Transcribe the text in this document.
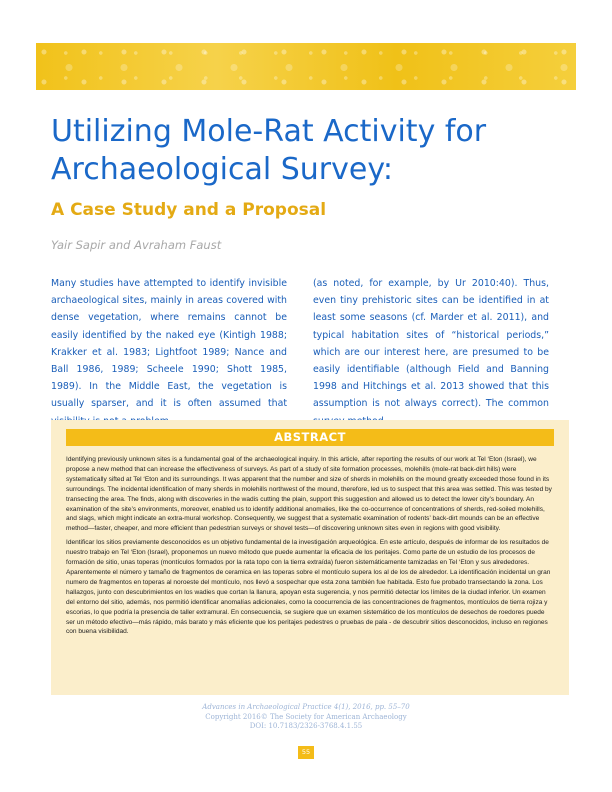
Utilizing Mole-Rat Activity for Archaeological Survey:
A Case Study and a Proposal
Yair Sapir and Avraham Faust
Many studies have attempted to identify invisible archaeological sites, mainly in areas covered with dense vegetation, where remains cannot be easily identified by the naked eye (Kintigh 1988; Krakker et al. 1983; Lightfoot 1989; Nance and Ball 1986, 1989; Scheele 1990; Shott 1985, 1989). In the Middle East, the vegetation is usually sparser, and it is often assumed that
(as noted, for example, by Ur 2010:40). Thus, even tiny prehistoric sites can be identified in at least some seasons (cf. Marder et al. 2011), and typical habitation sites of “historical periods,” which are our interest here, are presumed to be easily identifiable (although Field and Banning 1998 and Hitchings et al. 2013 showed that this assumption is not always correct). The common
ABSTRACT

Identifying previously unknown sites is a fundamental goal of the archaeological inquiry. In this article, after reporting the results of our work at Tel ‘Eton (Israel), we propose a new method that can increase the effectiveness of surveys. As part of a study of site formation processes, molehills (mole-rat back-dirt hills) were systematically sifted at Tel ‘Eton and its surroundings. It was apparent that the number and size of sherds in molehills on the mound greatly exceeded those found in its surroundings. The incidental identification of many sherds in molehills northwest of the mound, therefore, led us to suspect that this area was settled. This was tested by transecting the area. The finds, along with discoveries in the wadis cutting the plain, support this suggestion and allowed us to detect the lower city’s boundary. An examination of the site’s environments, moreover, enabled us to identify additional anomalies, like the co-occurrence of concentrations of sherds, red-soiled molehills, and slags, which might indicate an extra-mural workshop. Consequently, we suggest that a systematic examination of rodents’ back-dirt mounds can be an effective method—faster, cheaper, and more efficient than pedestrian surveys or shovel tests—of discovering unknown sites even in regions with good visibility.

Identificar los sitios previamente desconocidos es un objetivo fundamental de la investigación arqueológica. En este artículo, después de informar de los resultados de nuestro trabajo en Tel ‘Eton (Israel), proponemos un nuevo método que puede aumentar la eficacia de los peritajes. Como parte de un estudio de los procesos de formación de sitio, unas toperas (montículos formados por la rata topo con la tierra extraída) fueron sistemáticamente tamizadas en Tel ‘Eton y sus alrededores. Aparentemente el número y tamaño de fragmentos de ceramica en las toperas sobre el montículo supera los al de los de alrededor. La identificación incidental un gran numero de fragmentos en toperas al noroeste del montículo, nos llevó a sospechar que esta zona también fue habitada. Esto fue probado transectando la zona. Los hallazgos, junto con descubrimientos en los wadies que cortan la llanura, apoyan esta sugerencia, y nos permitió detectar los límites de la ciudad inferior. Un examen del entorno del sitio, además, nos permitió identificar anomalías adicionales, como la coocurrencia de las concentraciones de fragmentos, montículos de tierra rojiza y escorias, lo que podría la presencia de taller extramural. En consecuencia, se sugiere que un examen sistemático de los montículos de desechos de roedores puede ser un método efectivo—más rápido, más barato y más eficiente que los peritajes pedestres o pruebas de pala - de descubrir sitios desconocidos, incluso en regiones con buena visibilidad.

Advances in Archaeological Practice 4(1), 2016, pp. 55–70
Copyright 2016© The Society for American Archaeology
DOI: 10.7183/2326-3768.4.1.55
55
